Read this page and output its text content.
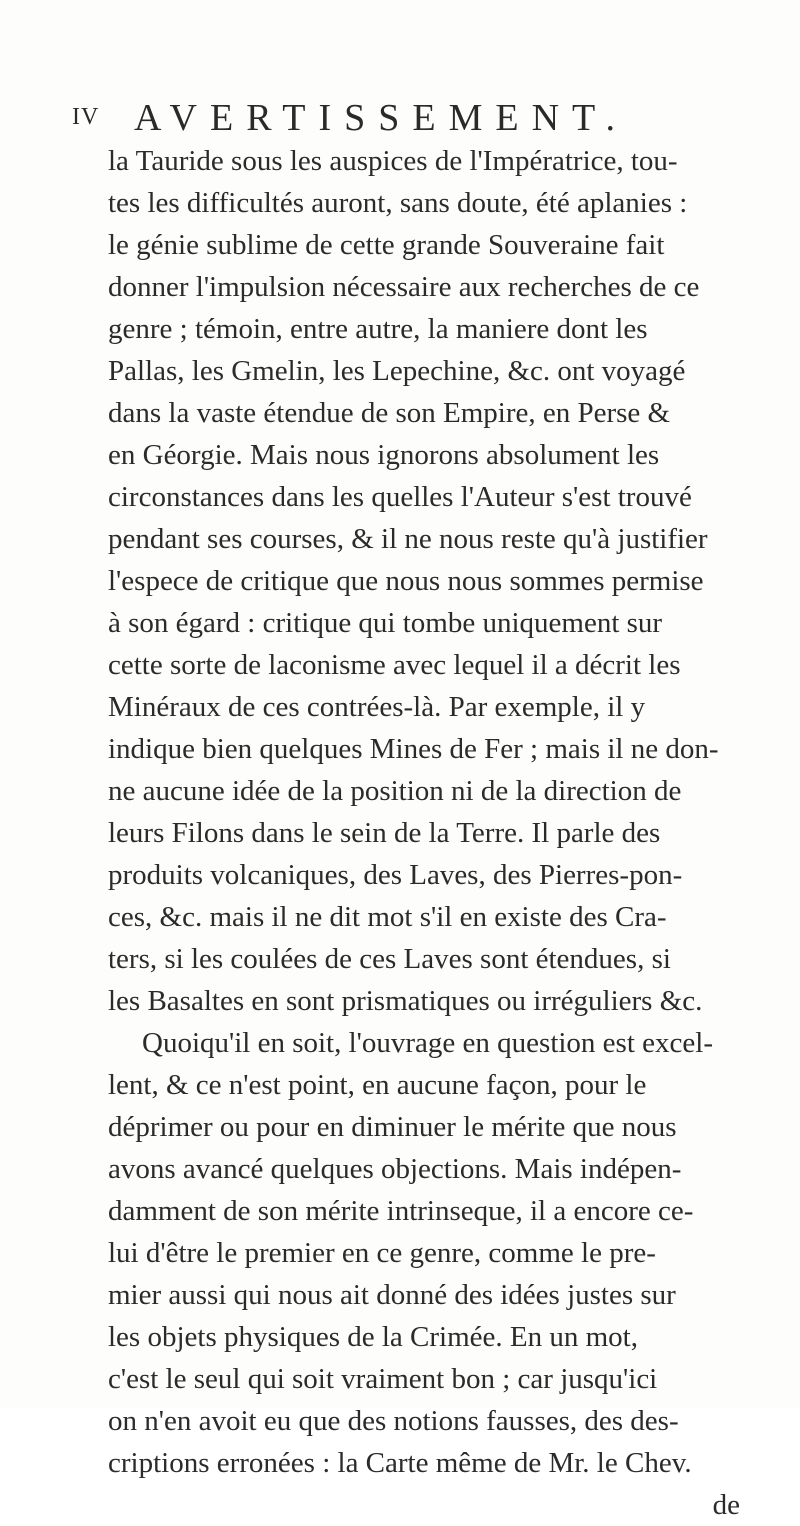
IV AVERTISSEMENT.
la Tauride sous les auspices de l'Impératrice, tou-
tes les difficultés auront, sans doute, été aplanies :
le génie sublime de cette grande Souveraine fait
donner l'impulsion nécessaire aux recherches de ce
genre ; témoin, entre autre, la maniere dont les
Pallas, les Gmelin, les Lepechine, &c. ont voyagé
dans la vaste étendue de son Empire, en Perse &
en Géorgie. Mais nous ignorons absolument les
circonstances dans les quelles l'Auteur s'est trouvé
pendant ses courses, & il ne nous reste qu'à justifier
l'espece de critique que nous nous sommes permise
à son égard : critique qui tombe uniquement sur
cette sorte de laconisme avec lequel il a décrit les
Minéraux de ces contrées-là. Par exemple, il y
indique bien quelques Mines de Fer ; mais il ne don-
ne aucune idée de la position ni de la direction de
leurs Filons dans le sein de la Terre. Il parle des
produits volcaniques, des Laves, des Pierres-pon-
ces, &c. mais il ne dit mot s'il en existe des Cra-
ters, si les coulées de ces Laves sont étendues, si
les Basaltes en sont prismatiques ou irréguliers &c.
Quoiqu'il en soit, l'ouvrage en question est excel-
lent, & ce n'est point, en aucune façon, pour le
déprimer ou pour en diminuer le mérite que nous
avons avancé quelques objections. Mais indépen-
damment de son mérite intrinseque, il a encore ce-
lui d'être le premier en ce genre, comme le pre-
mier aussi qui nous ait donné des idées justes sur
les objets physiques de la Crimée. En un mot,
c'est le seul qui soit vraiment bon ; car jusqu'ici
on n'en avoit eu que des notions fausses, des des-
criptions erronées : la Carte même de Mr. le Chev.
de
